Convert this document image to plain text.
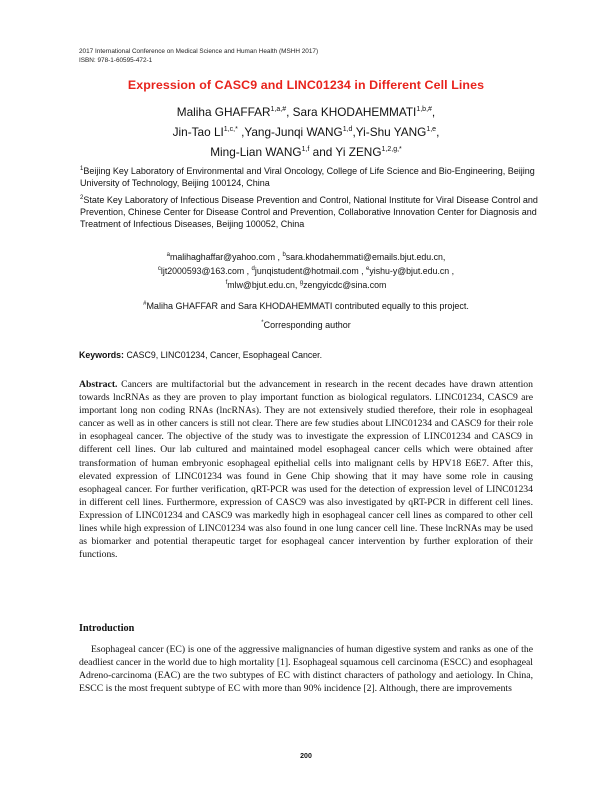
2017 International Conference on Medical Science and Human Health (MSHH 2017)
ISBN: 978-1-60595-472-1
Expression of CASC9 and LINC01234 in Different Cell Lines
Maliha $GHAFFAR^{1,a,\#}$, Sara $KHODAHEMMATI^{1,b,\#}$,
Jin-Tao $LI^{1,c,*}$ ,Yang-Junqi WANG$^{1,d}$,Yi-Shu YANG$^{1,e}$,
Ming-Lian WANG$^{1,f}$ and Yi $ZENG^{1,2,g,*}$
$^1$Beijing Key Laboratory of Environmental and Viral Oncology, College of Life Science and Bio-Engineering, Beijing University of Technology, Beijing 100124, China
$^2$State Key Laboratory of Infectious Disease Prevention and Control, National Institute for Viral Disease Control and Prevention, Chinese Center for Disease Control and Prevention, Collaborative Innovation Center for Diagnosis and Treatment of Infectious Diseases, Beijing 100052, China
$^a$malihaghaffar@yahoo.com , $^b$sara.khodahemmati@emails.bjut.edu.cn,
$^c$ljt2000593@163.com , $^d$junqistudent@hotmail.com , $^e$yishu-y@bjut.edu.cn ,
$^f$mlw@bjut.edu.cn, $^g$zengyicdc@sina.com
#Maliha GHAFFAR and Sara KHODAHEMMATI contributed equally to this project.
*Corresponding author
Keywords: CASC9, LINC01234, Cancer, Esophageal Cancer.
Abstract. Cancers are multifactorial but the advancement in research in the recent decades have drawn attention towards lncRNAs as they are proven to play important function as biological regulators. LINC01234, CASC9 are important long non coding RNAs (lncRNAs). They are not extensively studied therefore, their role in esophageal cancer as well as in other cancers is still not clear. There are few studies about LINC01234 and CASC9 for their role in esophageal cancer. The objective of the study was to investigate the expression of LINC01234 and CASC9 in different cell lines. Our lab cultured and maintained model esophageal cancer cells which were obtained after transformation of human embryonic esophageal epithelial cells into malignant cells by HPV18 E6E7. After this, elevated expression of LINC01234 was found in Gene Chip showing that it may have some role in causing esophageal cancer. For further verification, qRT-PCR was used for the detection of expression level of LINC01234 in different cell lines. Furthermore, expression of CASC9 was also investigated by qRT-PCR in different cell lines. Expression of LINC01234 and CASC9 was markedly high in esophageal cancer cell lines as compared to other cell lines while high expression of LINC01234 was also found in one lung cancer cell line. These lncRNAs may be used as biomarker and potential therapeutic target for esophageal cancer intervention by further exploration of their functions.
Introduction
Esophageal cancer (EC) is one of the aggressive malignancies of human digestive system and ranks as one of the deadliest cancer in the world due to high mortality [1]. Esophageal squamous cell carcinoma (ESCC) and esophageal Adreno-carcinoma (EAC) are the two subtypes of EC with distinct characters of pathology and aetiology. In China, ESCC is the most frequent subtype of EC with more than 90% incidence [2]. Although, there are improvements
200
